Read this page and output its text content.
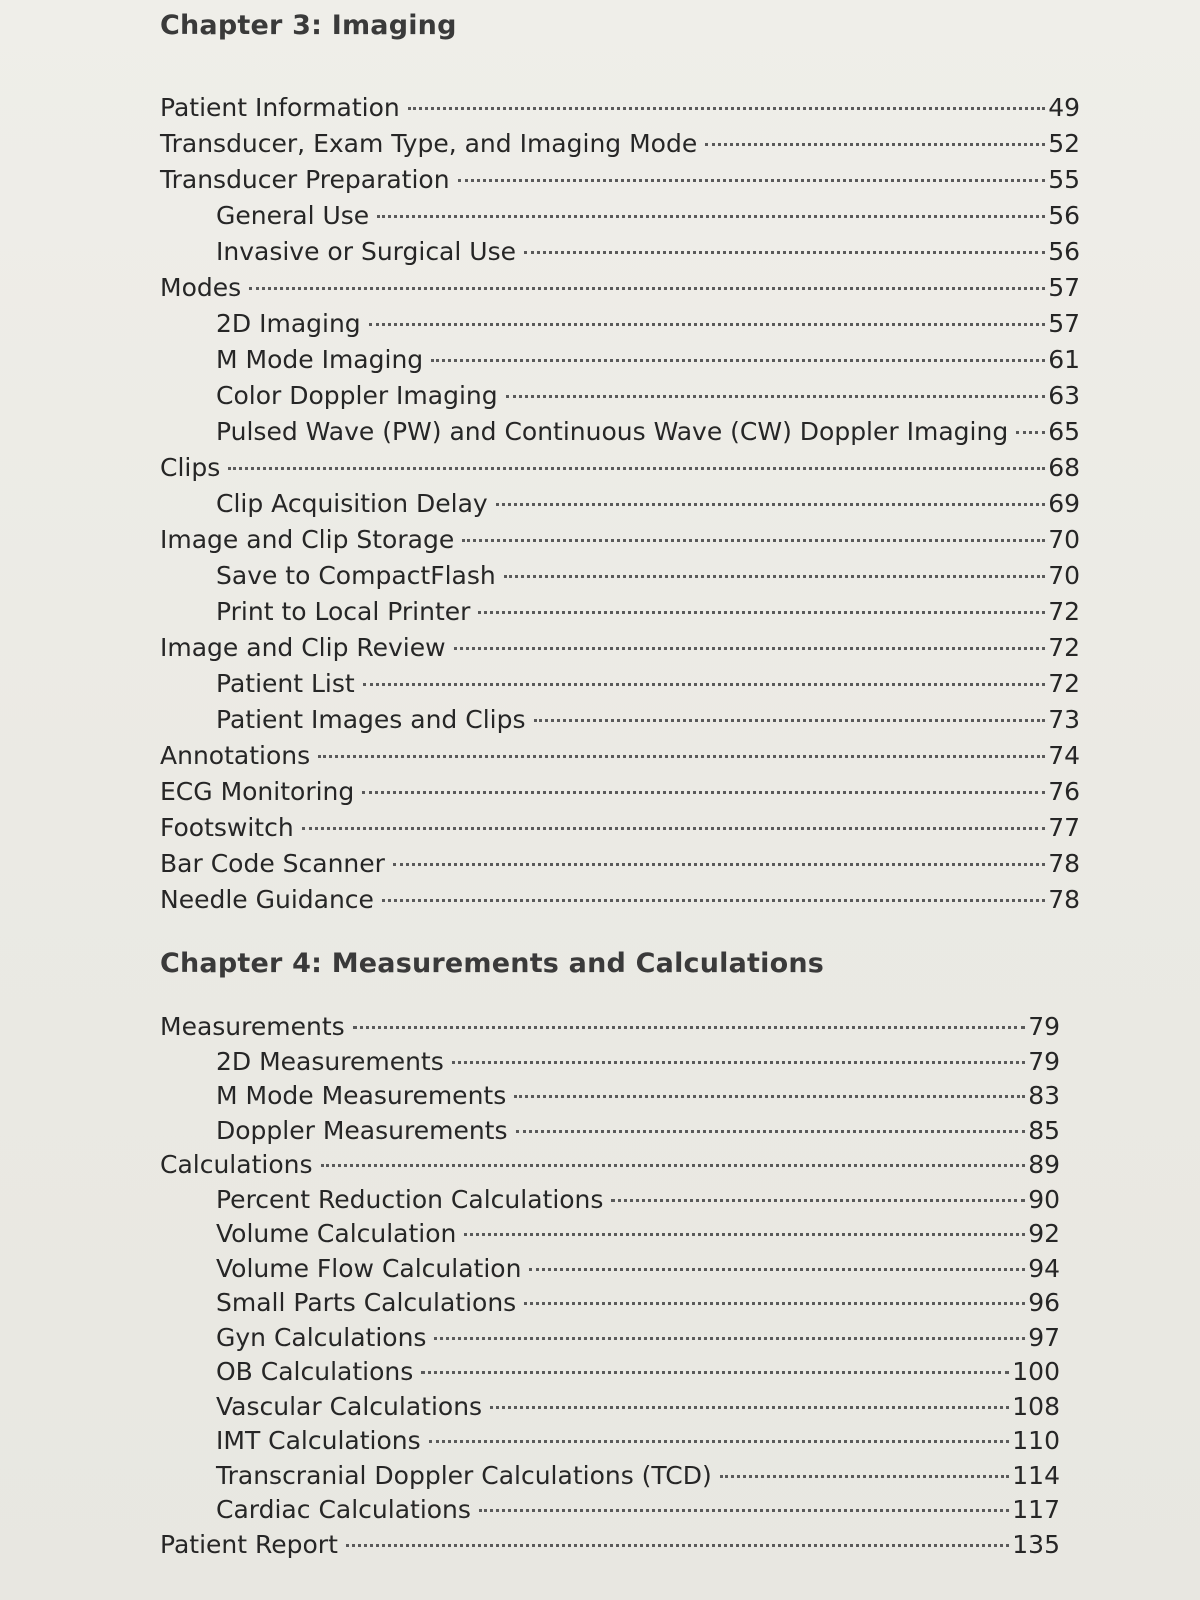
Chapter 3: Imaging
Patient Information	49
Transducer, Exam Type, and Imaging Mode	52
Transducer Preparation	55
General Use	56
Invasive or Surgical Use	56
Modes	57
2D Imaging	57
M Mode Imaging	61
Color Doppler Imaging	63
Pulsed Wave (PW) and Continuous Wave (CW) Doppler Imaging 65
Clips	68
Clip Acquisition Delay	69
Image and Clip Storage	70
Save to CompactFlash	70
Print to Local Printer	72
Image and Clip Review	72
Patient List	72
Patient Images and Clips	73
Annotations	74
ECG Monitoring	76
Footswitch	77
Bar Code Scanner	78
Needle Guidance	78
Chapter 4: Measurements and Calculations
Measurements	79
2D Measurements	79
M Mode Measurements	83
Doppler Measurements	85
Calculations	89
Percent Reduction Calculations	90
Volume Calculation	92
Volume Flow Calculation	94
Small Parts Calculations	96
Gyn Calculations	97
OB Calculations	100
Vascular Calculations	108
IMT Calculations	110
Transcranial Doppler Calculations (TCD)	114
Cardiac Calculations	117
Patient Report	135
